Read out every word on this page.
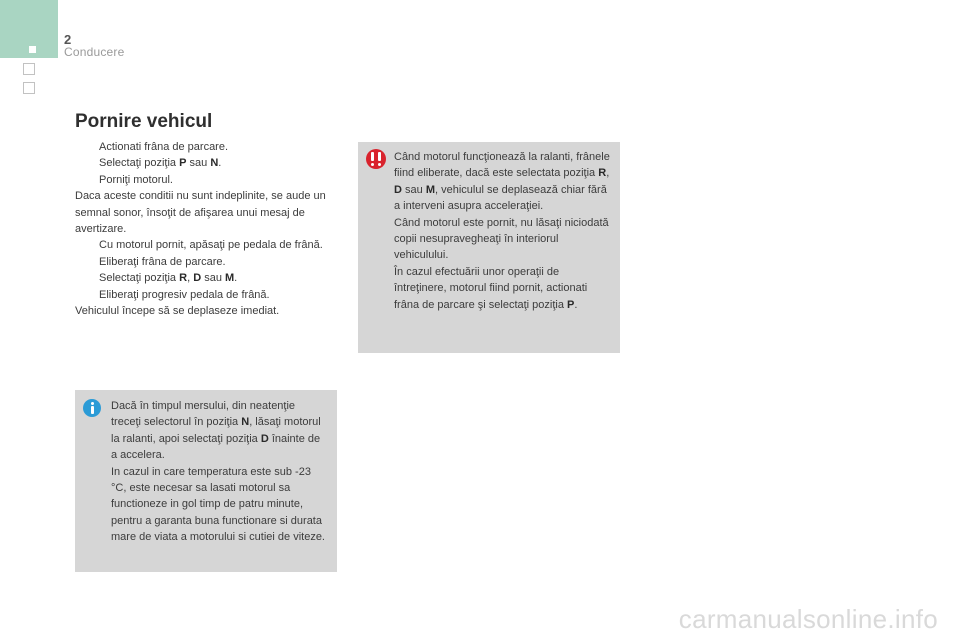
2
Conducere
Pornire vehicul
Actionati frâna de parcare.
Selectaţi poziţia P sau N.
Porniţi motorul.
Daca aceste conditii nu sunt indeplinite, se aude un semnal sonor, însoţit de afişarea unui mesaj de avertizare.
Cu motorul pornit, apăsaţi pe pedala de frână.
Eliberaţi frâna de parcare.
Selectaţi poziţia R, D sau M.
Eliberaţi progresiv pedala de frână.
Vehiculul începe să se deplaseze imediat.
Când motorul funcţionează la ralanti, frânele fiind eliberate, dacă este selectata poziţia R, D sau M, vehiculul se deplasează chiar fără a interveni asupra acceleraţiei.
Când motorul este pornit, nu lăsaţi niciodată copii nesupravegheaţi în interiorul vehiculului.
În cazul efectuării unor operaţii de întreţinere, motorul fiind pornit, actionati frâna de parcare şi selectaţi poziţia P.
Dacă în timpul mersului, din neatenţie treceţi selectorul în poziţia N, lăsaţi motorul la ralanti, apoi selectaţi poziţia D înainte de a accelera.
In cazul in care temperatura este sub -23 °C, este necesar sa lasati motorul sa functioneze in gol timp de patru minute, pentru a garanta buna functionare si durata mare de viata a motorului si cutiei de viteze.
carmanualsonline.info
